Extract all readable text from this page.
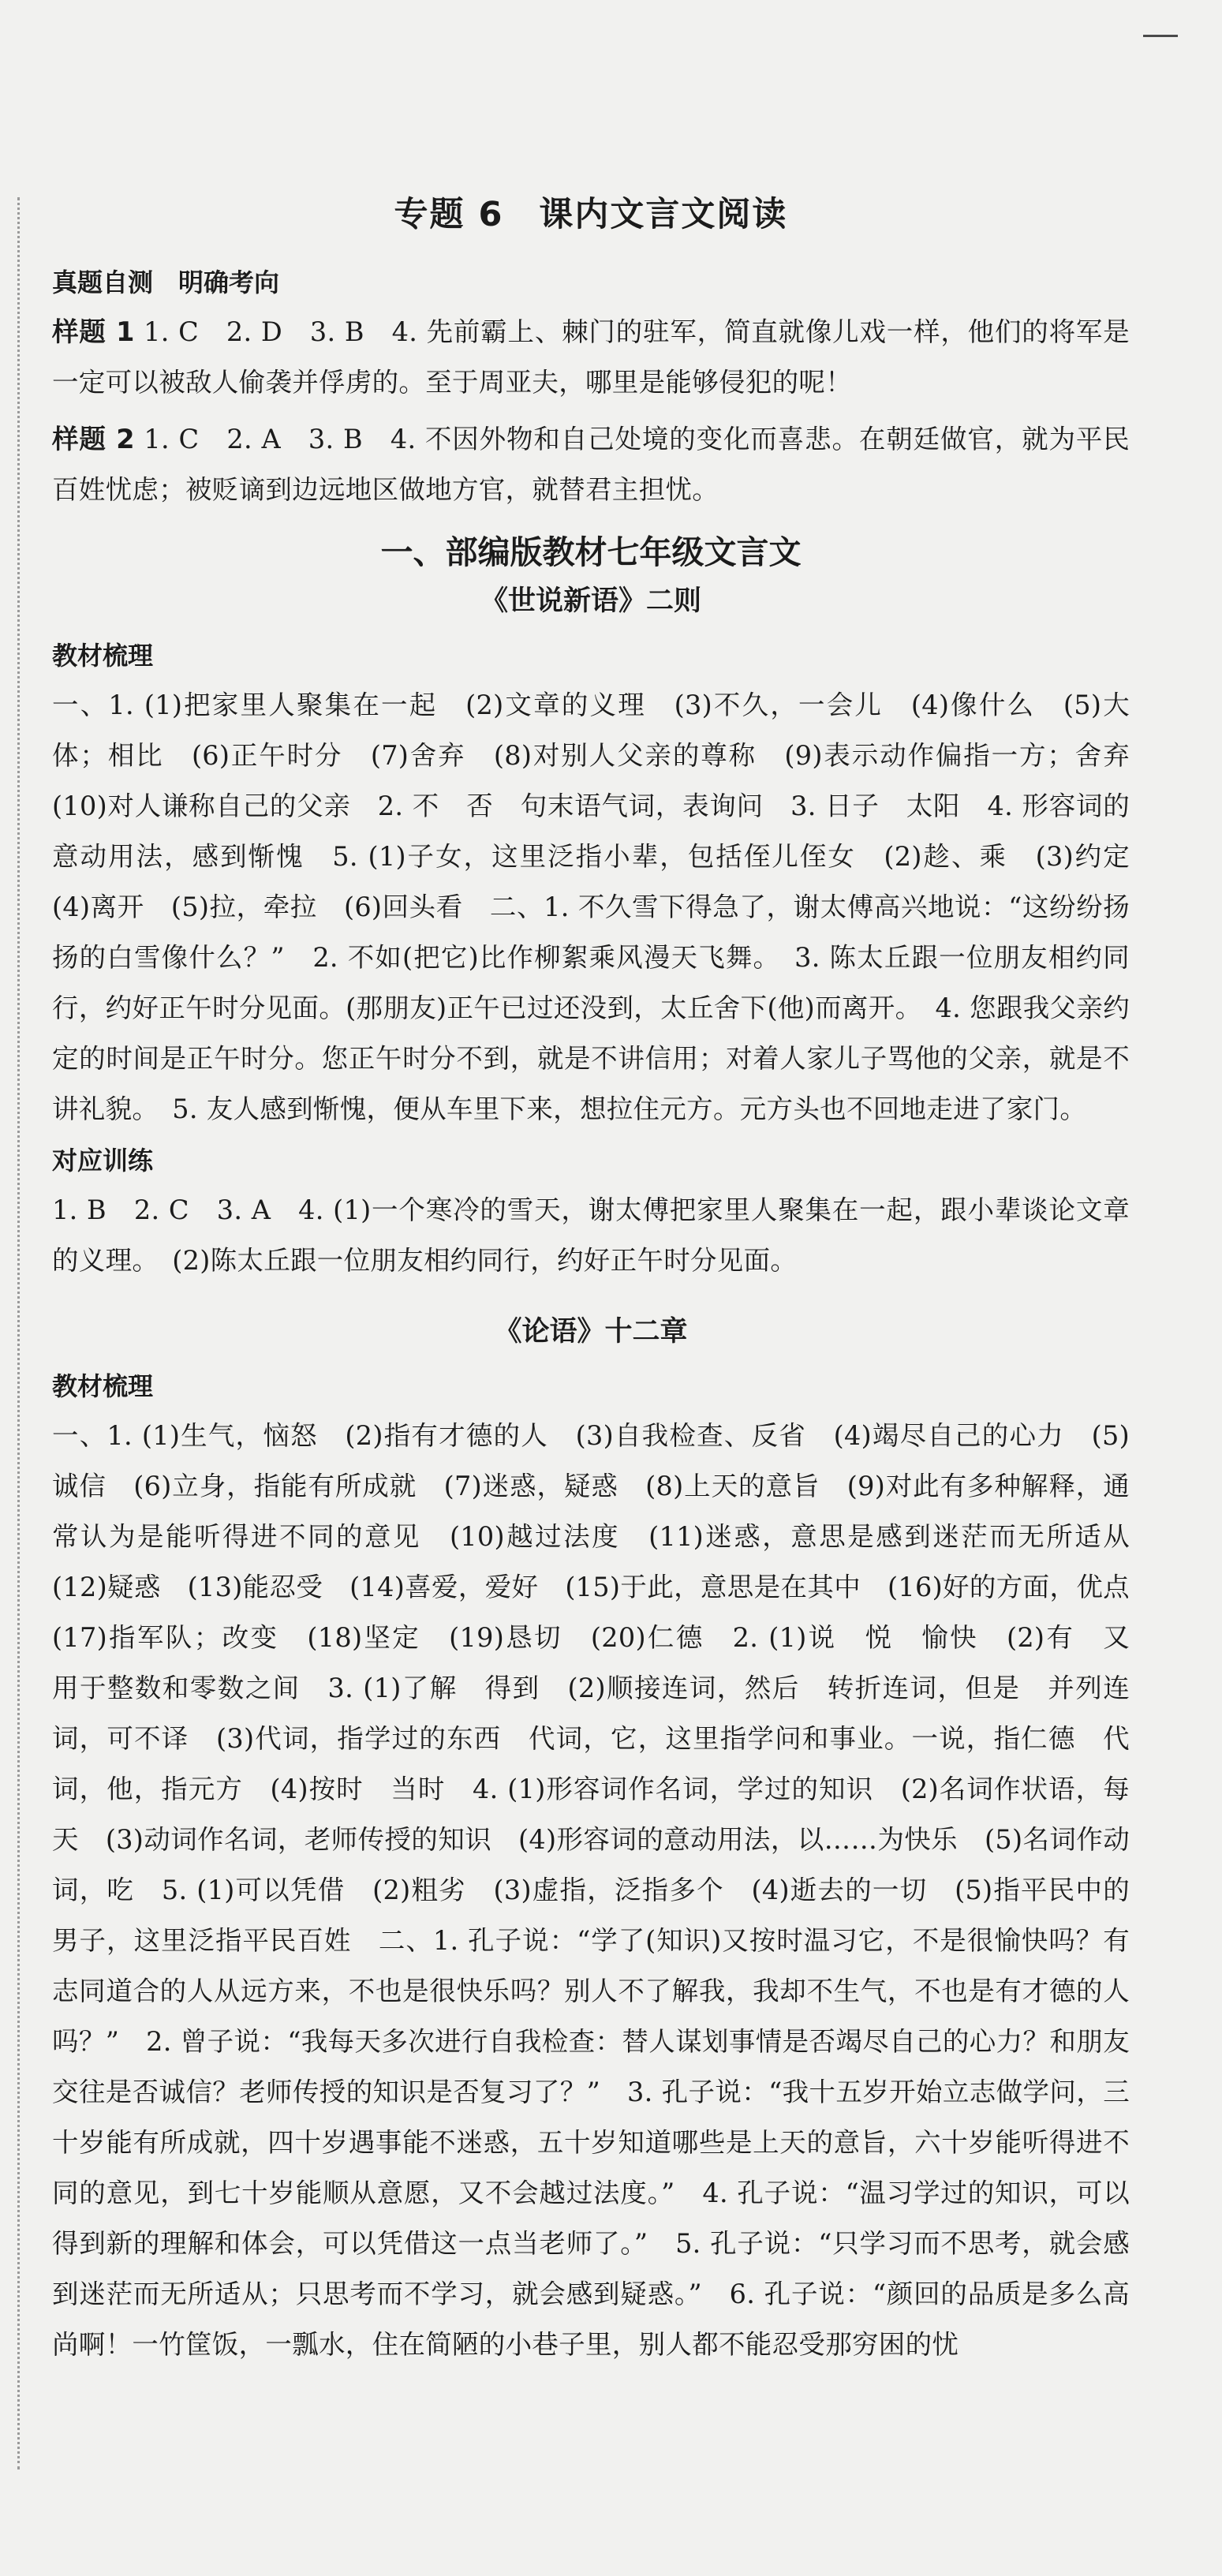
专题 6　课内文言文阅读
真题自测　明确考向

样题 1 1. C　2. D　3. B　4. 先前霸上、棘门的驻军，简直就像儿戏一样，他们的将军是一定可以被敌人偷袭并俘虏的。至于周亚夫，哪里是能够侵犯的呢！

样题 2 1. C　2. A　3. B　4. 不因外物和自己处境的变化而喜悲。在朝廷做官，就为平民百姓忧虑；被贬谪到边远地区做地方官，就替君主担忧。

一、部编版教材七年级文言文
《世说新语》二则
教材梳理

一、1. (1)把家里人聚集在一起　(2)文章的义理　(3)不久，一会儿　(4)像什么　(5)大体；相比　(6)正午时分　(7)舍弃　(8)对别人父亲的尊称　(9)表示动作偏指一方；舍弃　(10)对人谦称自己的父亲　2. 不　否　句末语气词，表询问　3. 日子　太阳　4. 形容词的意动用法，感到惭愧　5. (1)子女，这里泛指小辈，包括侄儿侄女　(2)趁、乘　(3)约定　(4)离开　(5)拉，牵拉　(6)回头看　二、1. 不久雪下得急了，谢太傅高兴地说：“这纷纷扬扬的白雪像什么？”　2. 不如(把它)比作柳絮乘风漫天飞舞。　3. 陈太丘跟一位朋友相约同行，约好正午时分见面。(那朋友)正午已过还没到，太丘舍下(他)而离开。　4. 您跟我父亲约定的时间是正午时分。您正午时分不到，就是不讲信用；对着人家儿子骂他的父亲，就是不讲礼貌。　5. 友人感到惭愧，便从车里下来，想拉住元方。元方头也不回地走进了家门。

对应训练

1. B　2. C　3. A　4. (1)一个寒冷的雪天，谢太傅把家里人聚集在一起，跟小辈谈论文章的义理。　(2)陈太丘跟一位朋友相约同行，约好正午时分见面。

《论语》十二章
教材梳理

一、1. (1)生气，恼怒　(2)指有才德的人　(3)自我检查、反省　(4)竭尽自己的心力　(5)诚信　(6)立身，指能有所成就　(7)迷惑，疑惑　(8)上天的意旨　(9)对此有多种解释，通常认为是能听得进不同的意见　(10)越过法度　(11)迷惑，意思是感到迷茫而无所适从　(12)疑惑　(13)能忍受　(14)喜爱，爱好　(15)于此，意思是在其中　(16)好的方面，优点　(17)指军队；改变　(18)坚定　(19)恳切　(20)仁德　2. (1)说　悦　愉快　(2)有　又　用于整数和零数之间　3. (1)了解　得到　(2)顺接连词，然后　转折连词，但是　并列连词，可不译　(3)代词，指学过的东西　代词，它，这里指学问和事业。一说，指仁德　代词，他，指元方　(4)按时　当时　4. (1)形容词作名词，学过的知识　(2)名词作状语，每天　(3)动词作名词，老师传授的知识　(4)形容词的意动用法，以……为快乐　(5)名词作动词，吃　5. (1)可以凭借　(2)粗劣　(3)虚指，泛指多个　(4)逝去的一切　(5)指平民中的男子，这里泛指平民百姓　二、1. 孔子说：“学了(知识)又按时温习它，不是很愉快吗？有志同道合的人从远方来，不也是很快乐吗？别人不了解我，我却不生气，不也是有才德的人吗？”　2. 曾子说：“我每天多次进行自我检查：替人谋划事情是否竭尽自己的心力？和朋友交往是否诚信？老师传授的知识是否复习了？”　3. 孔子说：“我十五岁开始立志做学问，三十岁能有所成就，四十岁遇事能不迷惑，五十岁知道哪些是上天的意旨，六十岁能听得进不同的意见，到七十岁能顺从意愿，又不会越过法度。”　4. 孔子说：“温习学过的知识，可以得到新的理解和体会，可以凭借这一点当老师了。”　5. 孔子说：“只学习而不思考，就会感到迷茫而无所适从；只思考而不学习，就会感到疑惑。”　6. 孔子说：“颜回的品质是多么高尚啊！一竹筐饭，一瓢水，住在简陋的小巷子里，别人都不能忍受那穷困的忧
